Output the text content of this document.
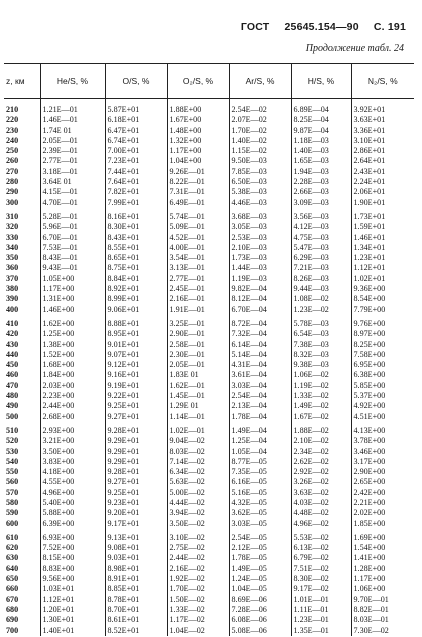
ГОСТ 25645.154—90 С. 191
Продолжение табл. 24
z, км	He/S, %	O/S, %	O₂/S, %	Ar/S, %	H/S, %	N₂/S, %
210	1.21E—01	5.87E+01	1.88E+00	2.54E—02	6.89E—04	3.92E+01
220	1.46E—01	6.18E+01	1.67E+00	2.07E—02	8.25E—04	3.63E+01
230	1.74E 01	6.47E+01	1.48E+00	1.70E—02	9.87E—04	3.36E+01
240	2.05E—01	6.74E+01	1.32E+00	1.40E—02	1.18E—03	3.10E+01
250	2.39E—01	7.00E+01	1.17E+00	1.15E—02	1.40E—03	2.86E+01
260	2.77E—01	7.23E+01	1.04E+00	9.50E—03	1.65E—03	2.64E+01
270	3.18E—01	7.44E+01	9.26E—01	7.85E—03	1.94E—03	2.43E+01
280	3.64E 01	7.64E+01	8.22E—01	6.50E—03	2.28E—03	2.24E+01
290	4.15E—01	7.82E+01	7.31E—01	5.38E—03	2.66E—03	2.06E+01
300	4.70E—01	7.99E+01	6.49E—01	4.46E—03	3.09E—03	1.90E+01
310	5.28E—01	8.16E+01	5.74E—01	3.68E—03	3.56E—03	1.73E+01
320	5.96E—01	8.30E+01	5.09E—01	3.05E—03	4.12E—03	1.59E+01
330	6.70E—01	8.43E+01	4.52E—01	2.53E—03	4.75E—03	1.46E+01
340	7.53E—01	8.55E+01	4.00E—01	2.10E—03	5.47E—03	1.34E+01
350	8.43E—01	8.65E+01	3.54E—01	1.73E—03	6.29E—03	1.23E+01
360	9.43E—01	8.75E+01	3.13E—01	1.44E—03	7.21E—03	1.12E+01
370	1.05E+00	8.84E+01	2.77E—01	1.19E—03	8.26E—03	1.02E+01
380	1.17E+00	8.92E+01	2.45E—01	9.82E—04	9.44E—03	9.36E+00
390	1.31E+00	8.99E+01	2.16E—01	8.12E—04	1.08E—02	8.54E+00
400	1.46E+00	9.06E+01	1.91E—01	6.70E—04	1.23E—02	7.79E+00
410	1.62E+00	8.88E+01	3.25E—01	8.72E—04	5.78E—03	9.76E+00
420	1.25E+00	8.95E+01	2.90E—01	7.32E—04	6.54E—03	8.97E+00
430	1.38E+00	9.01E+01	2.58E—01	6.14E—04	7.38E—03	8.25E+00
440	1.52E+00	9.07E+01	2.30E—01	5.14E—04	8.32E—03	7.58E+00
450	1.68E+00	9.12E+01	2.05E—01	4.31E—04	9.38E—03	6.95E+00
460	1.84E+00	9.16E+01	1.83E 01	3.61E—04	1.06E—02	6.38E+00
470	2.03E+00	9.19E+01	1.62E—01	3.03E—04	1.19E—02	5.85E+00
480	2.23E+00	9.22E+01	1.45E—01	2.54E—04	1.33E—02	5.37E+00
490	2.44E+00	9.25E+01	1.29E 01	2.13E—04	1.49E—02	4.92E+00
500	2.68E+00	9.27E+01	1.14E—01	1.78E—04	1.67E—02	4.51E+00
510	2.93E+00	9.28E+01	1.02E—01	1.49E—04	1.88E—02	4.13E+00
520	3.21E+00	9.29E+01	9.04E—02	1.25E—04	2.10E—02	3.78E+00
530	3.50E+00	9.29E+01	8.03E—02	1.05E—04	2.34E—02	3.46E+00
540	3.83E+00	9.29E+01	7.14E—02	8.77E—05	2.62E—02	3.17E+00
550	4.18E+00	9.28E+01	6.34E—02	7.35E—05	2.92E—02	2.90E+00
560	4.55E+00	9.27E+01	5.63E—02	6.16E—05	3.26E—02	2.65E+00
570	4.96E+00	9.25E+01	5.00E—02	5.16E—05	3.63E—02	2.42E+00
580	5.40E+00	9.23E+01	4.44E—02	4.32E—05	4.03E—02	2.21E+00
590	5.88E+00	9.20E+01	3.94E—02	3.62E—05	4.48E—02	2.02E+00
600	6.39E+00	9.17E+01	3.50E—02	3.03E—05	4.96E—02	1.85E+00
610	6.93E+00	9.13E+01	3.10E—02	2.54E—05	5.53E—02	1.69E+00
620	7.52E+00	9.08E+01	2.75E—02	2.12E—05	6.13E—02	1.54E+00
630	8.15E+00	9.03E+01	2.44E—02	1.78E—05	6.79E—02	1.41E+00
640	8.83E+00	8.98E+01	2.16E—02	1.49E—05	7.51E—02	1.28E+00
650	9.56E+00	8.91E+01	1.92E—02	1.24E—05	8.30E—02	1.17E+00
660	1.03E+01	8.85E+01	1.70E—02	1.04E—05	9.17E—02	1.06E+00
670	1.12E+01	8.78E+01	1.50E—02	8.69E—06	1.01E—01	9.70E—01
680	1.20E+01	8.70E+01	1.33E—02	7.28E—06	1.11E—01	8.82E—01
690	1.30E+01	8.61E+01	1.17E—02	6.08E—06	1.23E—01	8.03E—01
700	1.40E+01	8.52E+01	1.04E—02	5.08E—06	1.35E—01	7.30E—02
